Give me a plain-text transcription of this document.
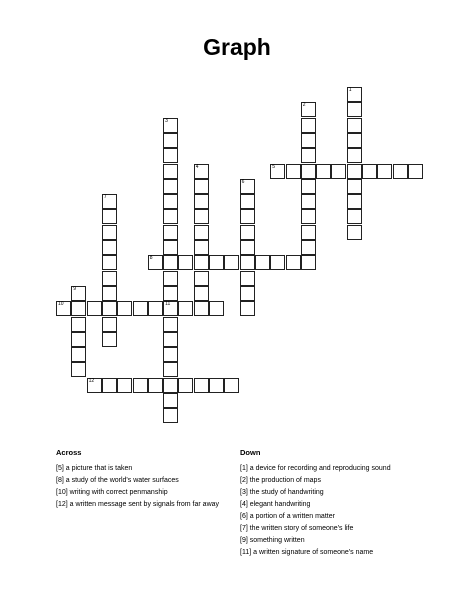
Graph
1
2
3
11
4	5
6
7
8
9
10
12
Across
[5] a picture that is taken
[8] a study of the world's water surfaces
[10] writing with correct penmanship
[12] a written message sent by signals from far away
Down
[1] a device for recording and reproducing sound
[2] the production of maps
[3] the study of handwriting
[4] elegant handwriting
[6] a portion of a written matter
[7] the written story of someone's life
[9] something written
[11] a written signature of someone's name
